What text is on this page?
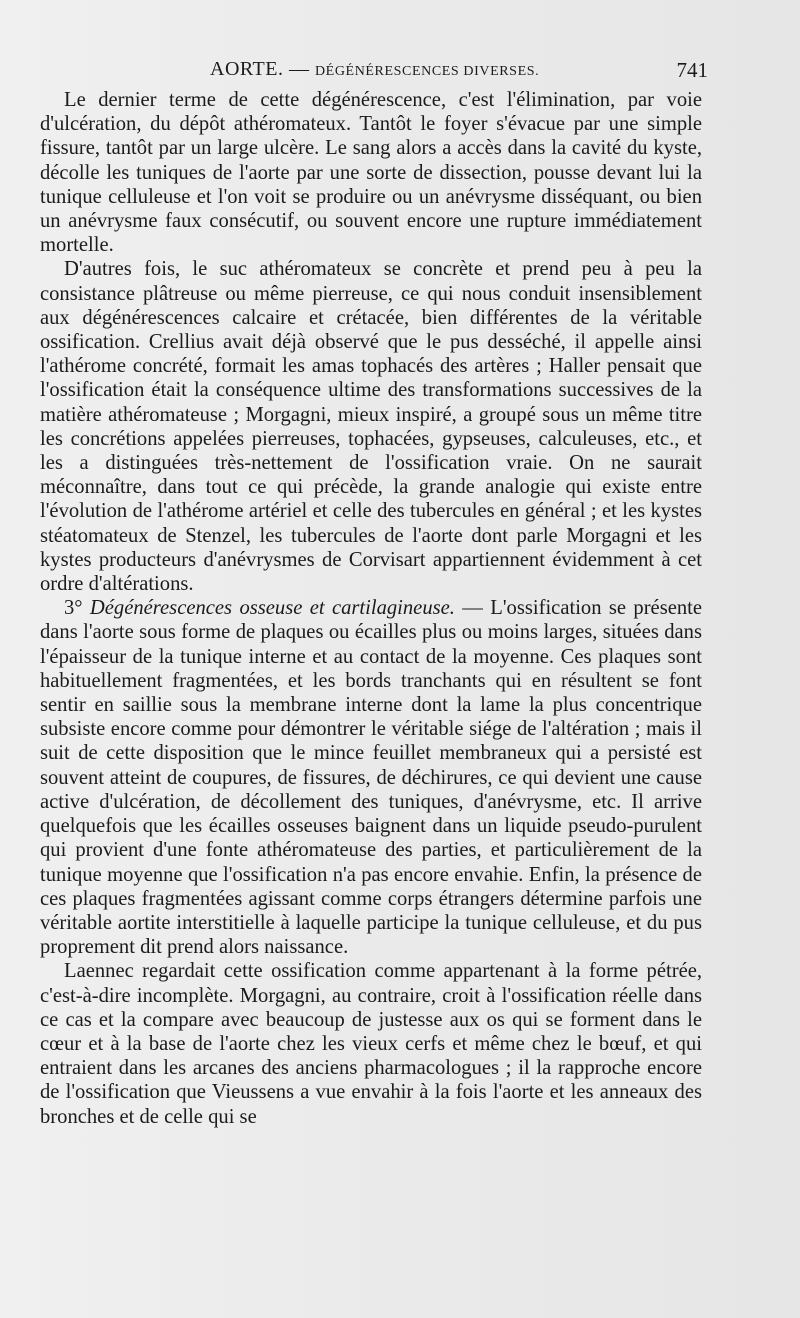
AORTE. — DÉGÉNÉRESCENCES DIVERSES.	741

Le dernier terme de cette dégénérescence, c'est l'élimination, par voie d'ulcération, du dépôt athéromateux. Tantôt le foyer s'évacue par une simple fissure, tantôt par un large ulcère. Le sang alors a accès dans la cavité du kyste, décolle les tuniques de l'aorte par une sorte de dissection, pousse devant lui la tunique celluleuse et l'on voit se produire ou un anévrysme disséquant, ou bien un anévrysme faux consécutif, ou souvent encore une rupture immédiatement mortelle.

D'autres fois, le suc athéromateux se concrète et prend peu à peu la consistance plâtreuse ou même pierreuse, ce qui nous conduit insensiblement aux dégénérescences calcaire et crétacée, bien différentes de la véritable ossification. Crellius avait déjà observé que le pus desséché, il appelle ainsi l'athérome concrété, formait les amas tophacés des artères ; Haller pensait que l'ossification était la conséquence ultime des transformations successives de la matière athéromateuse ; Morgagni, mieux inspiré, a groupé sous un même titre les concrétions appelées pierreuses, tophacées, gypseuses, calculeuses, etc., et les a distinguées très-nettement de l'ossification vraie. On ne saurait méconnaître, dans tout ce qui précède, la grande analogie qui existe entre l'évolution de l'athérome artériel et celle des tubercules en général ; et les kystes stéatomateux de Stenzel, les tubercules de l'aorte dont parle Morgagni et les kystes producteurs d'anévrysmes de Corvisart appartiennent évidemment à cet ordre d'altérations.

3° Dégénérescences osseuse et cartilagineuse. — L'ossification se présente dans l'aorte sous forme de plaques ou écailles plus ou moins larges, situées dans l'épaisseur de la tunique interne et au contact de la moyenne. Ces plaques sont habituellement fragmentées, et les bords tranchants qui en résultent se font sentir en saillie sous la membrane interne dont la lame la plus concentrique subsiste encore comme pour démontrer le véritable siége de l'altération ; mais il suit de cette disposition que le mince feuillet membraneux qui a persisté est souvent atteint de coupures, de fissures, de déchirures, ce qui devient une cause active d'ulcération, de décollement des tuniques, d'anévrysme, etc. Il arrive quelquefois que les écailles osseuses baignent dans un liquide pseudo-purulent qui provient d'une fonte athéromateuse des parties, et particulièrement de la tunique moyenne que l'ossification n'a pas encore envahie. Enfin, la présence de ces plaques fragmentées agissant comme corps étrangers détermine parfois une véritable aortite interstitielle à laquelle participe la tunique celluleuse, et du pus proprement dit prend alors naissance.

Laennec regardait cette ossification comme appartenant à la forme pétrée, c'est-à-dire incomplète. Morgagni, au contraire, croit à l'ossification réelle dans ce cas et la compare avec beaucoup de justesse aux os qui se forment dans le cœur et à la base de l'aorte chez les vieux cerfs et même chez le bœuf, et qui entraient dans les arcanes des anciens pharmacologues ; il la rapproche encore de l'ossification que Vieussens a vue envahir à la fois l'aorte et les anneaux des bronches et de celle qui se
